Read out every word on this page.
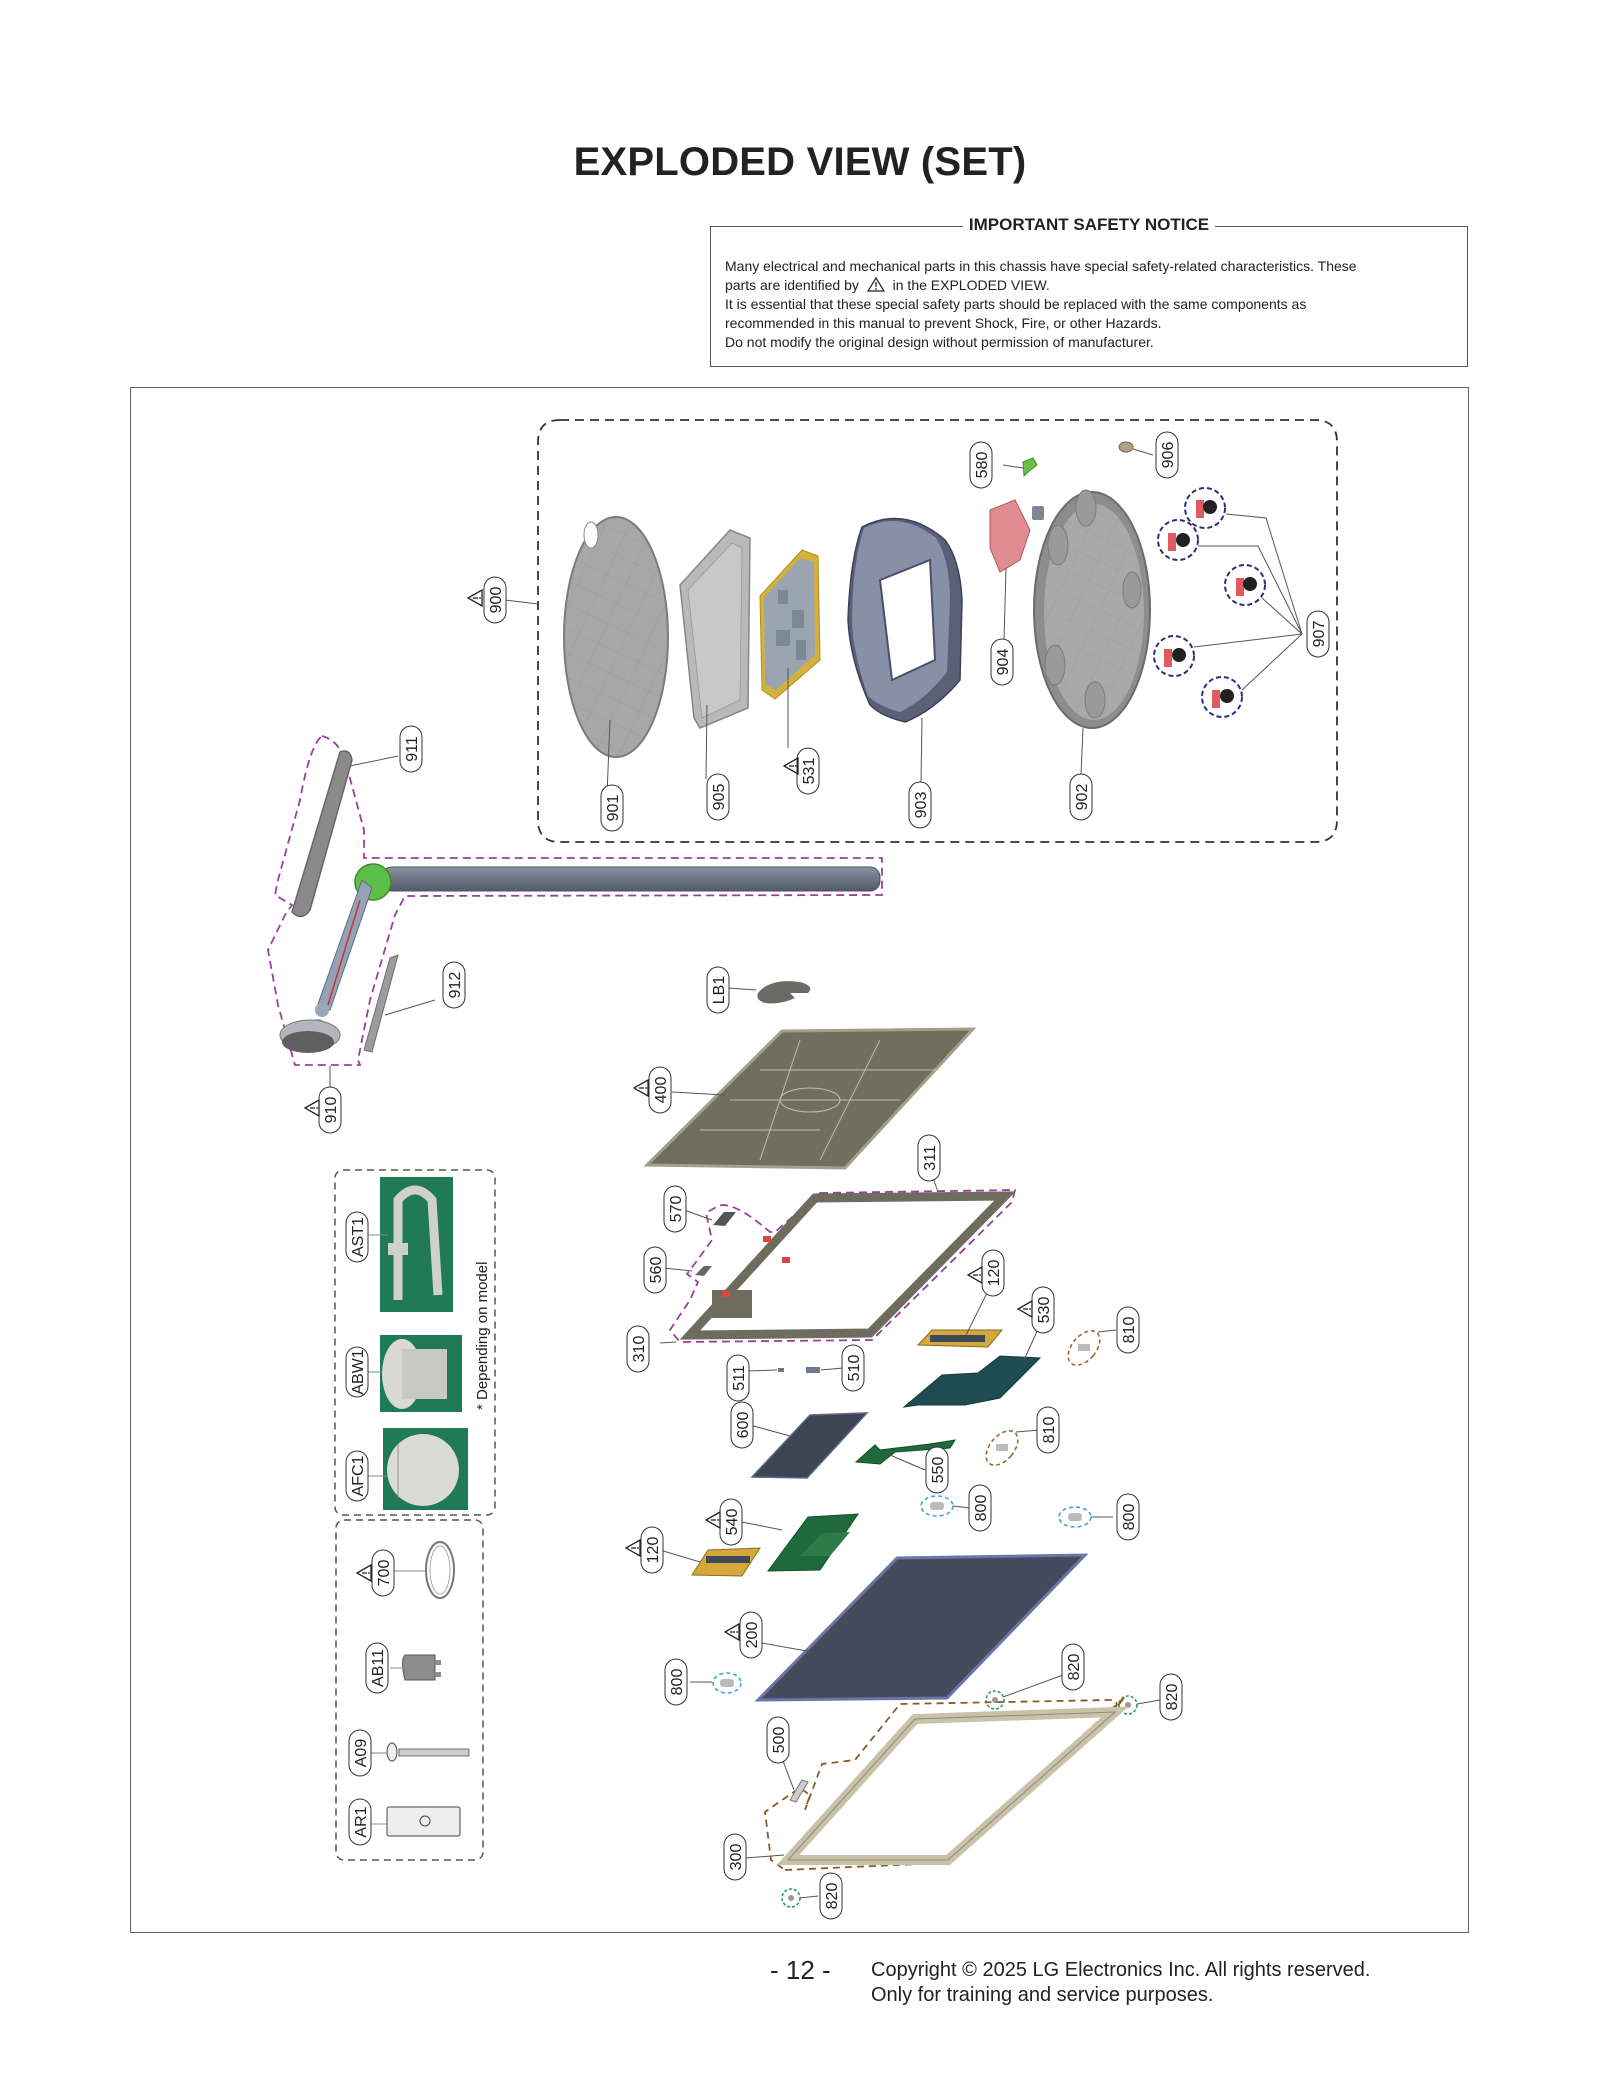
EXPLODED VIEW (SET)
IMPORTANT SAFETY NOTICE

Many electrical and mechanical parts in this chassis have special safety-related characteristics. These

parts are identified by in the EXPLODED VIEW.

It is essential that these special safety parts should be replaced with the same components as

recommended in this manual to prevent Shock, Fire, or other Hazards.

Do not modify the original design without permission of manufacturer.

* Depending on model
900
901	905
531
903
580
904
906
902
907
911
912
910
LB1
400
311
570
560
310
511	510
120
530
810
810
600
550
800	800
540
120
200
800
820
820
500
300
820
AST1
ABW1
AFC1
700
AB11
A09
AR1
- 12 - Copyright © 2025 LG Electronics Inc. All rights reserved.

Only for training and service purposes.
